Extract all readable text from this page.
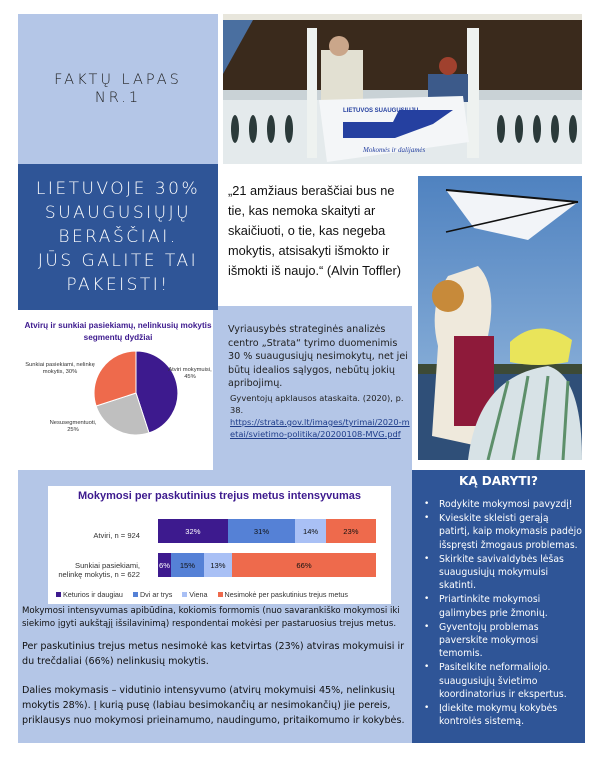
FAKTŲ LAPAS
NR.1
LIETUVOS SUAUGUSIŲJŲ
Mokomės ir dalijamės
LIETUVOJE 30%
SUAUGUSIŲJŲ
BERAŠČIAI.
JŪS GALITE TAI
PAKEISTI!
„21 amžiaus beraščiai bus ne tie, kas nemoka skaityti ar skaičiuoti, o tie, kas negeba mokytis, atsisakyti išmokto ir išmokti iš naujo.“ (Alvin Toffler)
Atvirų ir sunkiai pasiekiamų, nelinkusių mokytis segmentų dydžiai
Atviri mokymuisi, 45%
Nesusegmentuoti, 25%
Sunkiai pasiekiami, nelinkę mokytis, 30%
Vyriausybės strateginės analizės centro „Strata“ tyrimo duomenimis 30 % suaugusiųjų nesimokytų, net jei būtų idealios sąlygos, nebūtų jokių apribojimų.
Gyventojų apklausos ataskaita. (2020), p. 38.
https://strata.gov.lt/images/tyrimai/2020-metai/svietimo-politika/20200108-MVG.pdf
Mokymosi per paskutinius trejus metus intensyvumas
Atviri, n = 924	32 %	31 %	14 %	23 %
Sunkiai pasiekiami, nelinkę mokytis, n = 622
6 % 15 %	13 %	66 %
Keturios ir daugiau Dvi ar trys Viena Nesimokė per paskutinius trejus metus
Mokymosi intensyvumas apibūdina, kokiomis formomis (nuo savarankiško mokymosi iki siekimo įgyti aukštąjį išsilavinimą) respondentai mokėsi per pastaruosius trejus metus.
Per paskutinius trejus metus nesimokė kas ketvirtas (23%) atviras mokymuisi ir du trečdaliai (66%) nelinkusių mokytis.
Dalies mokymasis – vidutinio intensyvumo (atvirų mokymuisi 45%, nelinkusių mokytis 28%). Į kurią pusę (labiau besimokančių ar nesimokančių) jie pereis, priklausys nuo mokymosi prieinamumo, naudingumo, pritaikomumo ir kokybės.
KĄ DARYTI?
• Rodykite mokymosi pavyzdį!
• Kvieskite skleisti gerąją patirtį, kaip mokymasis padėjo išspręsti žmogaus problemas.
• Skirkite savivaldybės lėšas suaugusiųjų mokymuisi skatinti.
• Priartinkite mokymosi galimybes prie žmonių.
• Gyventojų problemas paverskite mokymosi temomis.
• Pasitelkite neformaliojo. suaugusiųjų švietimo koordinatorius ir ekspertus.
• Įdiekite mokymų kokybės kontrolės sistemą.
